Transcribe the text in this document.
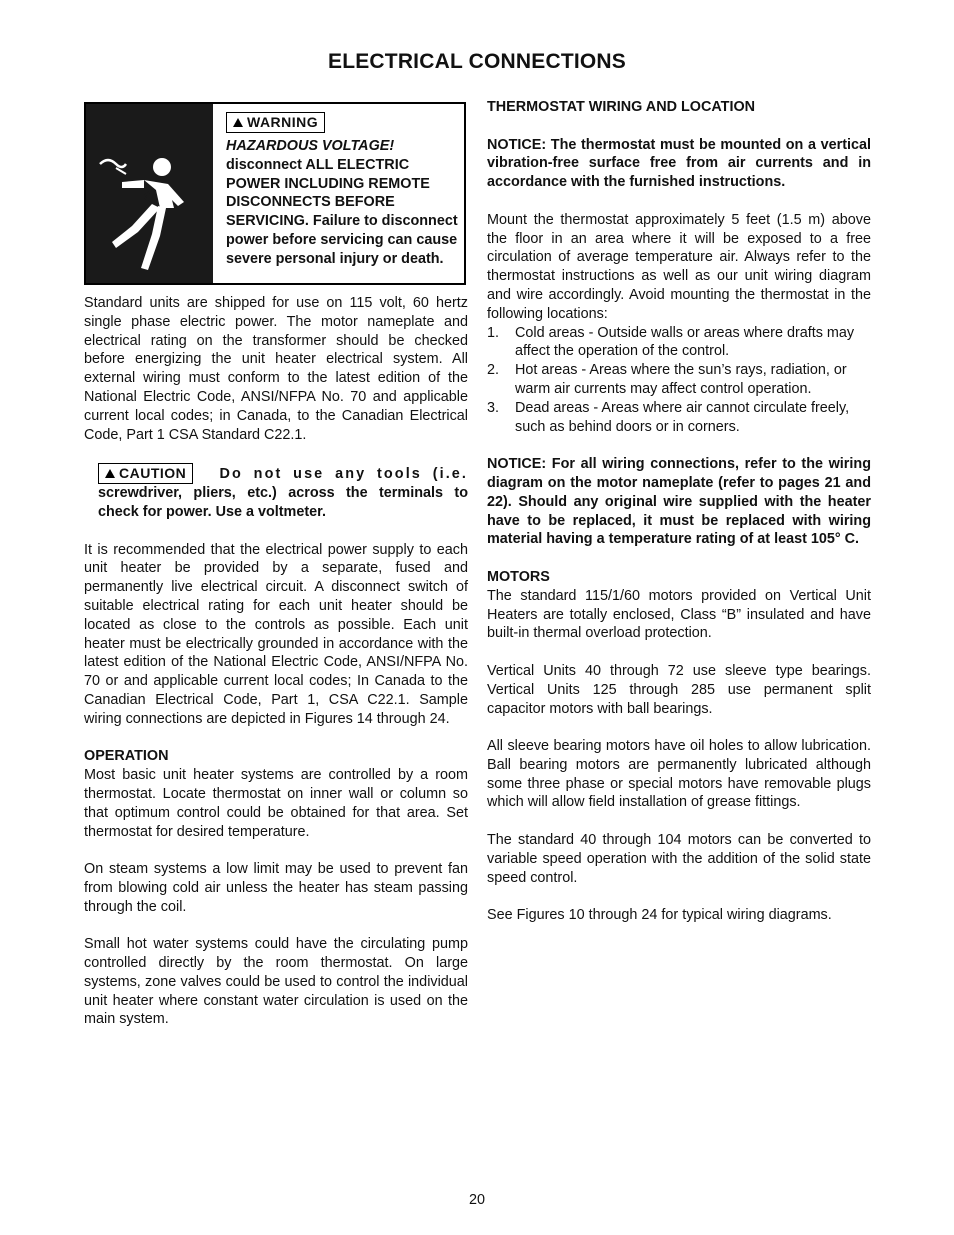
ELECTRICAL CONNECTIONS
WARNING
HAZARDOUS VOLTAGE!
disconnect ALL ELECTRIC POWER INCLUDING REMOTE DISCONNECTS BEFORE SERVICING. Failure to disconnect power before servicing can cause severe personal injury or death.

Standard units are shipped for use on 115 volt, 60 hertz single phase electric power. The motor nameplate and electrical rating on the transformer should be checked before energizing the unit heater electrical system. All external wiring must conform to the latest edition of the National Electric Code, ANSI/NFPA No. 70 and applicable current local codes; in Canada, to the Canadian Electrical Code, Part 1 CSA Standard C22.1.

CAUTION Do not use any tools (i.e. screwdriver, pliers, etc.) across the terminals to check for power. Use a voltmeter.

It is recommended that the electrical power supply to each unit heater be provided by a separate, fused and permanently live electrical circuit. A disconnect switch of suitable electrical rating for each unit heater should be located as close to the controls as possible. Each unit heater must be electrically grounded in accordance with the latest edition of the National Electric Code, ANSI/NFPA No. 70 or and applicable current local codes; In Canada to the Canadian Electrical Code, Part 1, CSA C22.1. Sample wiring connections are depicted in Figures 14 through 24.

OPERATION

Most basic unit heater systems are controlled by a room thermostat. Locate thermostat on inner wall or column so that optimum control could be obtained for that area. Set thermostat for desired temperature.

On steam systems a low limit may be used to prevent fan from blowing cold air unless the heater has steam passing through the coil.

Small hot water systems could have the circulating pump controlled directly by the room thermostat. On large systems, zone valves could be used to control the individual unit heater where constant water circulation is used on the main system.

THERMOSTAT WIRING AND LOCATION

NOTICE: The thermostat must be mounted on a vertical vibration-free surface free from air currents and in accordance with the furnished instructions.

Mount the thermostat approximately 5 feet (1.5 m) above the floor in an area where it will be exposed to a free circulation of average temperature air. Always refer to the thermostat instructions as well as our unit wiring diagram and wire accordingly. Avoid mounting the thermostat in the following locations:

1. Cold areas - Outside walls or areas where drafts may affect the operation of the control.
2. Hot areas - Areas where the sun’s rays, radiation, or warm air currents may affect control operation.
3. Dead areas - Areas where air cannot circulate freely, such as behind doors or in corners.

NOTICE: For all wiring connections, refer to the wiring diagram on the motor nameplate (refer to pages 21 and 22). Should any original wire supplied with the heater have to be replaced, it must be replaced with wiring material having a temperature rating of at least 105° C.

MOTORS

The standard 115/1/60 motors provided on Vertical Unit Heaters are totally enclosed, Class “B” insulated and have built-in thermal overload protection.

Vertical Units 40 through 72 use sleeve type bearings. Vertical Units 125 through 285 use permanent split capacitor motors with ball bearings.

All sleeve bearing motors have oil holes to allow lubrication. Ball bearing motors are permanently lubricated although some three phase or special motors have removable plugs which will allow field installation of grease fittings.

The standard 40 through 104 motors can be converted to variable speed operation with the addition of the solid state speed control.

See Figures 10 through 24 for typical wiring diagrams.

20
